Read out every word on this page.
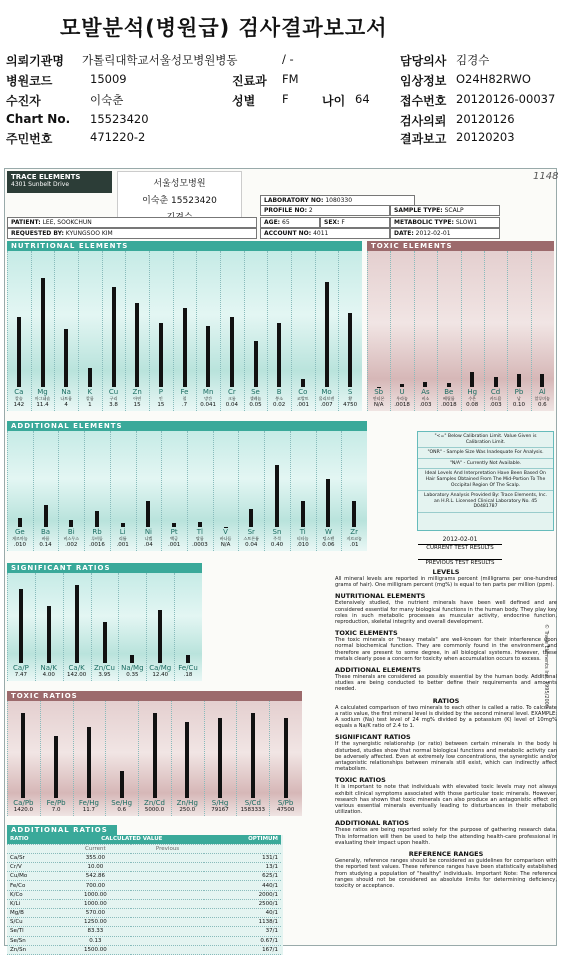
모발분석(병원급) 검사결과보고서
의뢰기관명 가톨릭대학교서울성모병원병동	/ -	담당의사 김경수
병원코드	15009	진료과 FM	임상정보 O24H82RWO
수진자	이숙춘	성별 F	나이 64	접수번호 20120126-00037
Chart No. 15523420	검사의뢰 20120126
주민번호	471220-2	결과보고 20120203
TRACE ELEMENTS
4301 Sunbelt Drive	서울성모병원
이숙춘 15523420
1148
LABORATORY NO: 1080330
PROFILE NO: 2	SAMPLE TYPE: SCALP
PATIENT: LEE, SOOKCHUN	AGE: 65	SEX: F	METABOLIC TYPE: SLOW1
REQUESTED BY: KYUNGSOO KIM	ACCOUNT NO: 4011	DATE: 2012-02-01
NUTRITIONAL ELEMENTS
Ca
칼슘
142
Mg
마그네슘
11.4
Na
나트륨
4
K
칼륨
1
Cu
구리
3.8
Zn
아연
15
P
인
15
Fe
철
.7
Mn
망간
0.041
Cr
크롬
0.04
Se
셀레늄
0.05
B
붕소
0.02
Co
코발트
.001
Mo
몰리브덴
.007
S
황
4750
TOXIC ELEMENTS
Sb
안티몬
N/A
U
우라늄
.0018
As
비소
.003
Be
베릴륨
.0018
Hg
수은
0.08
Cd
카드뮴
.003
Pb
납
0.10
Al
알루미늄
0.6
ADDITIONAL ELEMENTS
Ge
게르마늄
.010
Ba
바륨
0.14
Bi
비스무스
.002
Rb
루비듐
.0016
Li
리튬
.001
Ni
니켈
.04
Pt
백금
.001
Tl
탈륨
.0003
V
바나듐
N/A
Sr
스트론튬
0.04
Sn
주석
0.40
Ti
티타늄
.010
W
텅스텐
0.06
Zr
지르코늄
.01
"<=" Below Calibration Limit. Value Given is Calibration Limit.
"ONR" - Sample Size Was Inadequate For Analysis.
"N/A" - Currently Not Available.
Ideal Levels And Interpretation Have Been Based On Hair Samples Obtained From The Mid-Portion To The Occipital Region Of The Scalp.
Laboratory Analysis Provided By: Trace Elements, Inc. an H.R.L. Licensed Clinical Laboratory No. 45 D0481787
2012-02-01
CURRENT TEST RESULTS
PREVIOUS TEST RESULTS
SIGNIFICANT RATIOS
Ca/P
7.47
Na/K
4.00
Ca/K
142.00
Zn/Cu
3.95
Na/Mg
0.35
Ca/Mg
12.40
Fe/Cu
.18
TOXIC RATIOS
Ca/Pb
1420.0
Fe/Pb
7.0
Fe/Hg
11.7
Se/Hg
0.6
Zn/Cd
5000.0
Zn/Hg
250.0
S/Hg
79167
S/Cd
1583333
S/Pb
47500
ADDITIONAL RATIOS
RATIO	CALCULATED VALUE		OPTIMUM
	Current	Previous	
Ca/Sr	355.00		131/1
Cr/V	10.00		13/1
Cu/Mo	542.86		625/1
Fe/Co	700.00		440/1
K/Co	1000.00		2000/1
K/Li	1000.00		2500/1
Mg/B	570.00		40/1
S/Cu	1250.00		1138/1
Se/Tl	83.33		37/1
Se/Sn	0.13		0.67/1
Zn/Sn	1500.00		167/1
LEVELS
All mineral levels are reported in milligrams percent (milligrams per one-hundred grams of hair). One milligram percent (mg%) is equal to ten parts per million (ppm).
NUTRITIONAL ELEMENTS
Extensively studied, the nutrient minerals have been well defined and are considered essential for many biological functions in the human body. They play key roles in such metabolic processes as muscular activity, endocrine function, reproduction, skeletal integrity and overall development.
TOXIC ELEMENTS
The toxic minerals or "heavy metals" are well-known for their interference upon normal biochemical function. They are commonly found in the environment and therefore are present to some degree, in all biological systems. However, these metals clearly pose a concern for toxicity when accumulation occurs to excess.
ADDITIONAL ELEMENTS
These minerals are considered as possibly essential by the human body. Additional studies are being conducted to better define their requirements and amounts needed.
RATIOS
A calculated comparison of two minerals to each other is called a ratio. To calculate a ratio value, the first mineral level is divided by the second mineral level. EXAMPLE: A sodium (Na) test level of 24 mg% divided by a potassium (K) level of 10mg% equals a Na/K ratio of 2.4 to 1.
SIGNIFICANT RATIOS
If the synergistic relationship (or ratio) between certain minerals in the body is disturbed, studies show that normal biological functions and metabolic activity can be adversely affected. Even at extremely low concentrations, the synergistic and/or antagonistic relationships between minerals still exist, which can indirectly affect metabolism.
TOXIC RATIOS
It is important to note that individuals with elevated toxic levels may not always exhibit clinical symptoms associated with those particular toxic minerals. However, research has shown that toxic minerals can also produce an antagonistic effect on various essential minerals eventually leading to disturbances in their metabolic utilization.
ADDITIONAL RATIOS
These ratios are being reported solely for the purpose of gathering research data. This information will then be used to help the attending health-care professional in evaluating their impact upon health.
REFERENCE RANGES
Generally, reference ranges should be considered as guidelines for comparison with the reported test values. These reference ranges have been statistically established from studying a population of "healthy" individuals. Important Note: The reference ranges should not be considered as absolute limits for determining deficiency, toxicity or acceptance.
© Trace Elements Inc. 1995/2000
